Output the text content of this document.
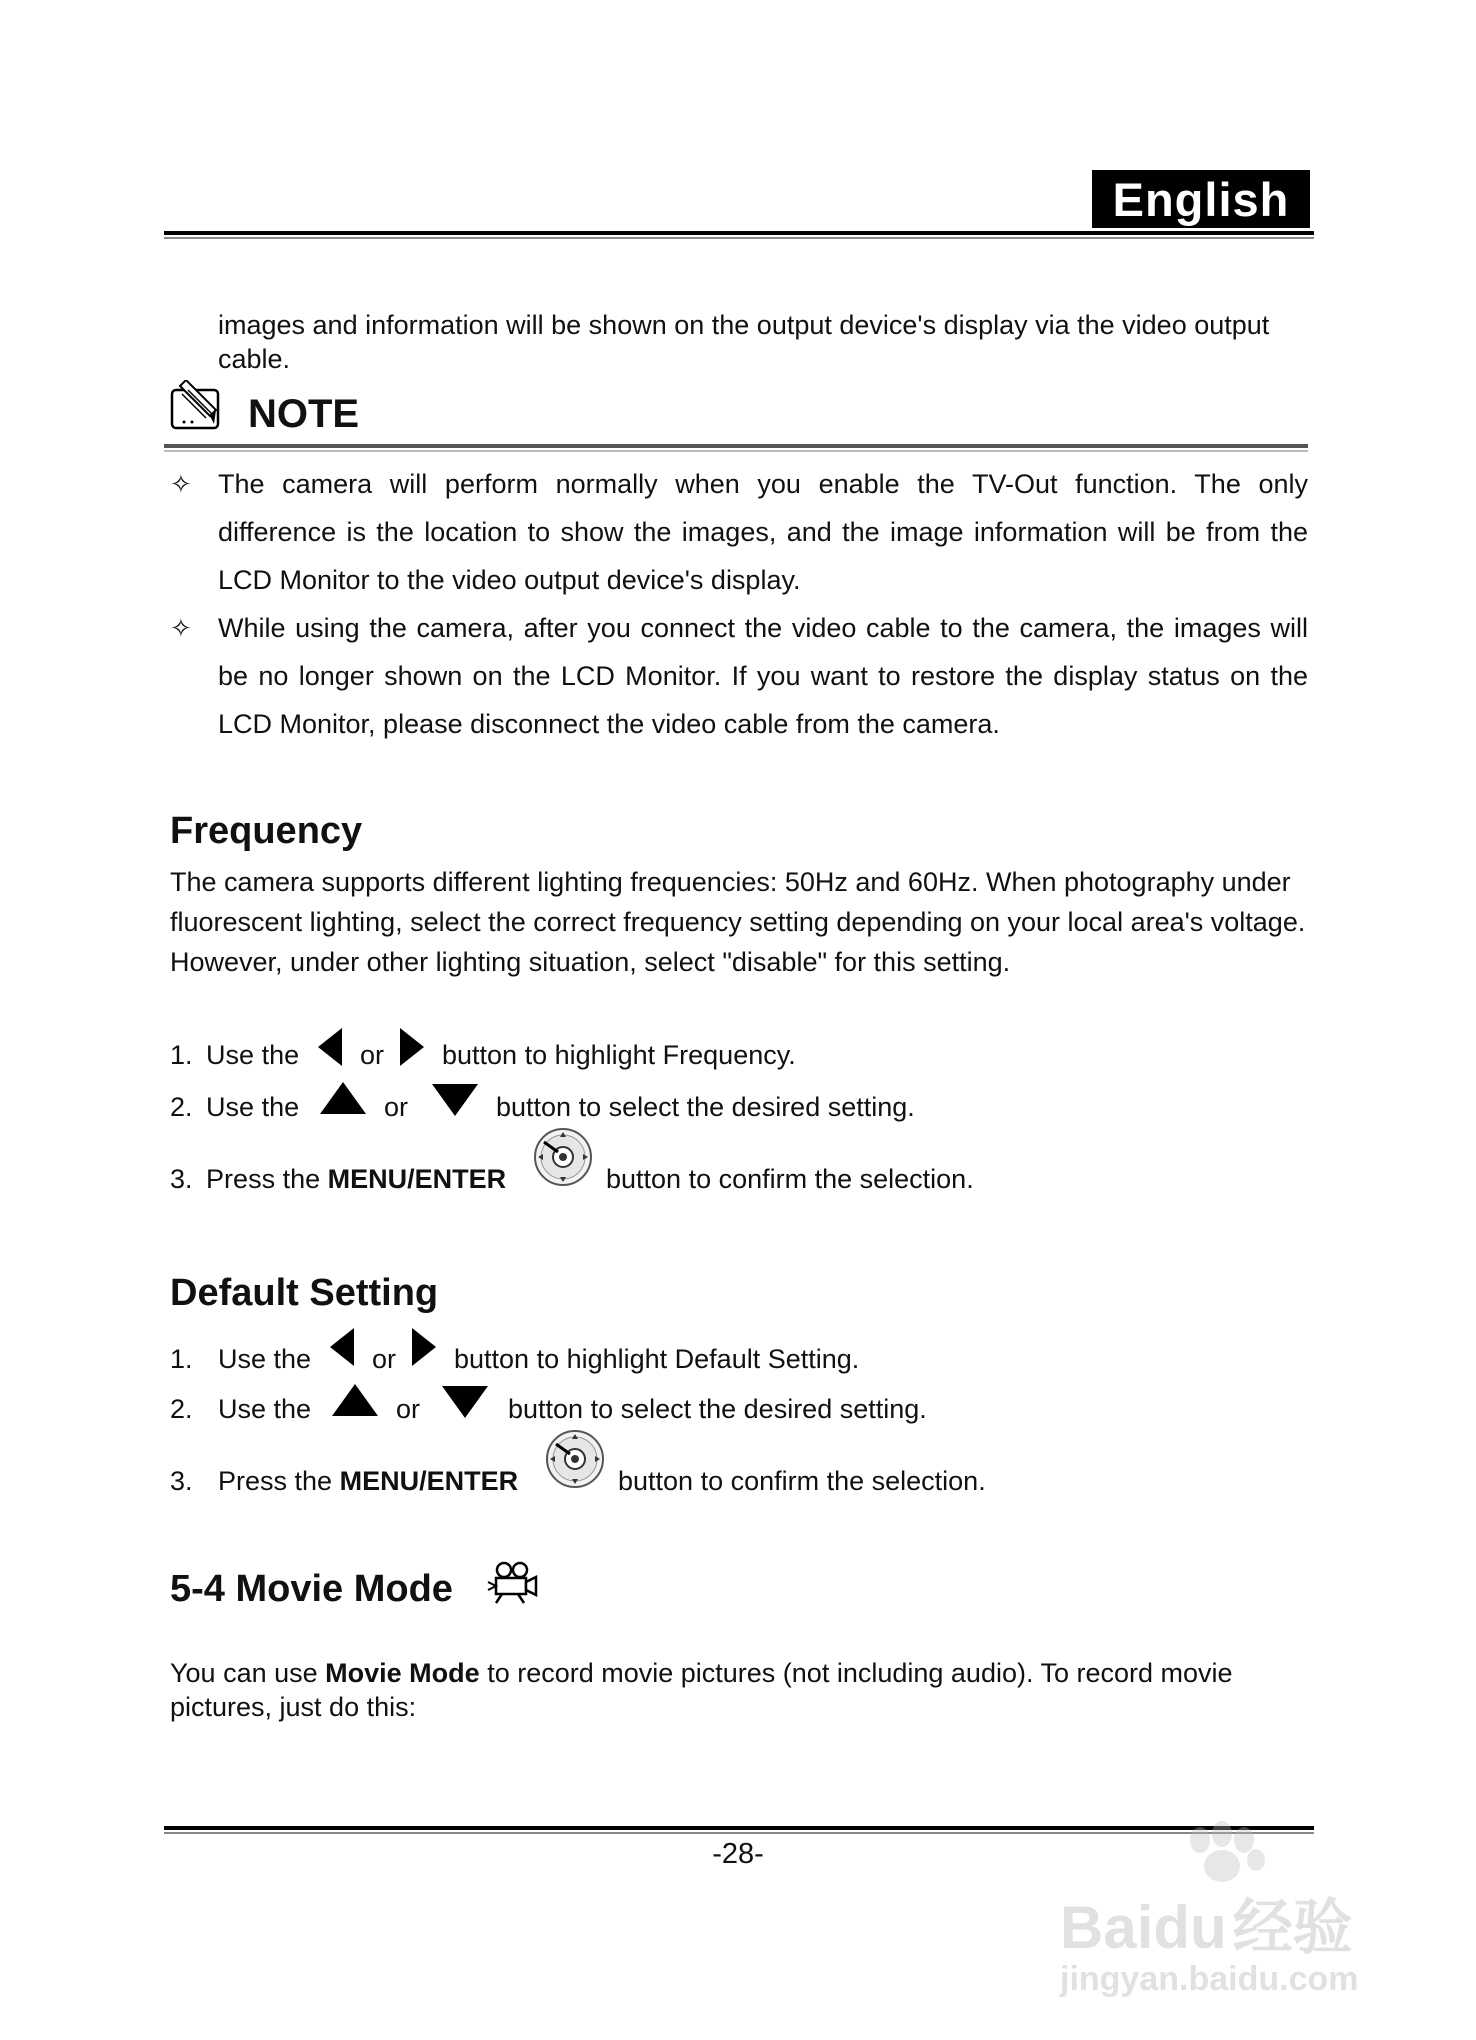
English
images and information will be shown on the output device's display via the video output cable.
NOTE
✧ The camera will perform normally when you enable the TV-Out function. The only difference is the location to show the images, and the image information will be from the LCD Monitor to the video output device's display.
✧ While using the camera, after you connect the video cable to the camera, the images will be no longer shown on the LCD Monitor. If you want to restore the display status on the LCD Monitor, please disconnect the video cable from the camera.
Frequency
The camera supports different lighting frequencies: 50Hz and 60Hz. When photography under fluorescent lighting, select the correct frequency setting depending on your local area's voltage. However, under other lighting situation, select "disable" for this setting.
1. Use the or button to highlight Frequency.
2. Use the	or	button to select the desired setting.
3. Press the MENU/ENTER	button to confirm the selection.
Default Setting
1. Use the or button to highlight Default Setting.
2. Use the	or	button to select the desired setting.
3. Press the MENU/ENTER	button to confirm the selection.
5-4 Movie Mode
You can use Movie Mode to record movie pictures (not including audio). To record movie pictures, just do this:
-28-
Baidu 经验
jingyan.baidu.com
